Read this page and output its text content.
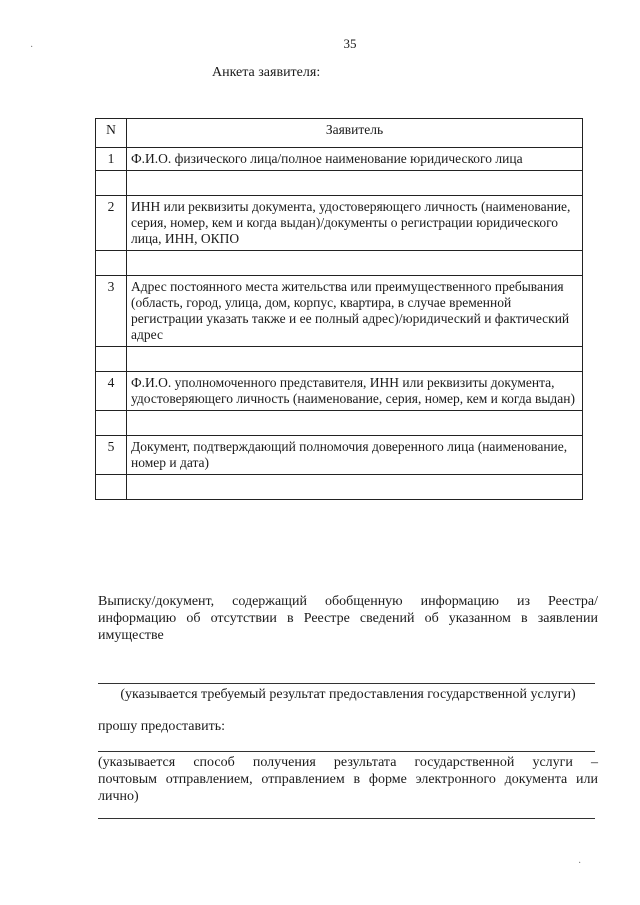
35
Анкета заявителя:
N	Заявитель
1	Ф.И.О. физического лица/полное наименование юридического лица

2	ИНН или реквизиты документа, удостоверяющего личность (наименование, серия, номер, кем и когда выдан)/документы о регистрации юридического лица, ИНН, ОКПО

3	Адрес постоянного места жительства или преимущественного пребывания (область, город, улица, дом, корпус, квартира, в случае временной регистрации указать также и ее полный адрес)/юридический и фактический адрес

4	Ф.И.О. уполномоченного представителя, ИНН или реквизиты документа, удостоверяющего личность (наименование, серия, номер, кем и когда выдан)

5	Документ, подтверждающий полномочия доверенного лица (наименование, номер и дата)

Выписку/документ, содержащий обобщенную информацию из Реестра/
информацию об отсутствии в Реестре сведений об указанном в заявлении
имуществе
(указывается требуемый результат предоставления государственной услуги)
прошу предоставить:
(указывается способ получения результата государственной услуги –
почтовым отправлением, отправлением в форме электронного документа или
лично)
·
·
